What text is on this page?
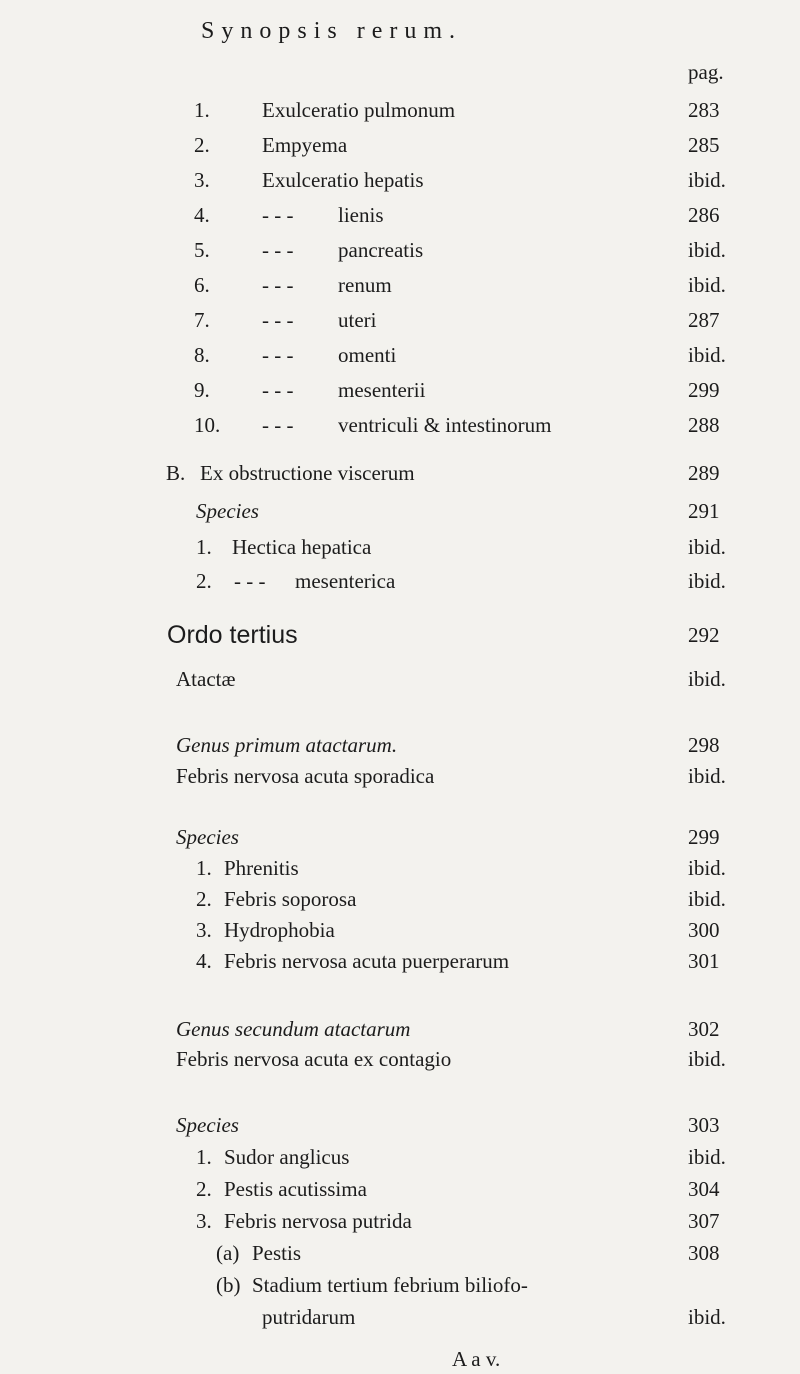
Synopsis rerum.
pag.
1. Exulceratio pulmonum	283
2. Empyema	285
3. Exulceratio hepatis	ibid.
4. - - - lienis	286
5. - - - pancreatis	ibid.
6. - - - renum	ibid.
7. - - - uteri	287
8. - - - omenti	ibid.
9. - - - mesenterii	299
10. - - - ventriculi & intestinorum	288
B. Ex obstructione viscerum	289
Species	291
1. Hectica hepatica	ibid.
2. - - - mesenterica	ibid.
Ordo tertius	292
Atactæ	ibid.
Genus primum atactarum.	298
Febris nervosa acuta sporadica	ibid.
Species	299
1. Phrenitis	ibid.
2. Febris soporosa	ibid.
3. Hydrophobia	300
4. Febris nervosa acuta puerperarum	301
Genus secundum atactarum	302
Febris nervosa acuta ex contagio	ibid.
Species	303
1. Sudor anglicus	ibid.
2. Pestis acutissima	304
3. Febris nervosa putrida	307
(a) Pestis	308
(b) Stadium tertium febrium biliofo-
putridarum	ibid.
A a v.
